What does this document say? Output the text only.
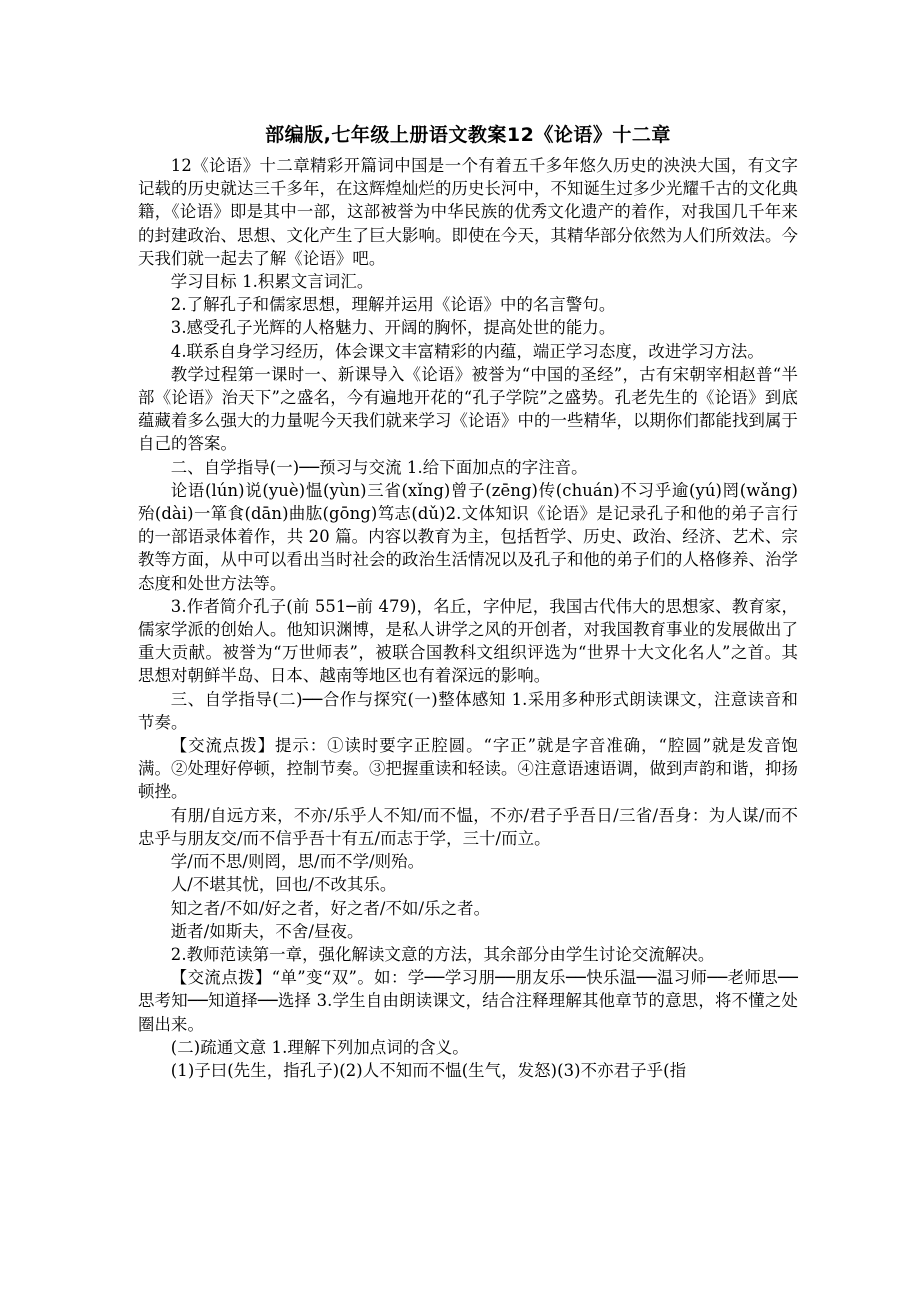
部编版,七年级上册语文教案12《论语》十二章

12《论语》十二章精彩开篇词中国是一个有着五千多年悠久历史的泱泱大国，有文字记载的历史就达三千多年，在这辉煌灿烂的历史长河中，不知诞生过多少光耀千古的文化典籍，《论语》即是其中一部，这部被誉为中华民族的优秀文化遗产的着作，对我国几千年来的封建政治、思想、文化产生了巨大影响。即使在今天，其精华部分依然为人们所效法。今天我们就一起去了解《论语》吧。

学习目标 1.积累文言词汇。

2.了解孔子和儒家思想，理解并运用《论语》中的名言警句。

3.感受孔子光辉的人格魅力、开阔的胸怀，提高处世的能力。

4.联系自身学习经历，体会课文丰富精彩的内蕴，端正学习态度，改进学习方法。

教学过程第一课时一、新课导入《论语》被誉为“中国的圣经”，古有宋朝宰相赵普“半部《论语》治天下”之盛名，今有遍地开花的“孔子学院”之盛势。孔老先生的《论语》到底蕴藏着多么强大的力量呢今天我们就来学习《论语》中的一些精华，以期你们都能找到属于自己的答案。

二、自学指导(一)──预习与交流 1.给下面加点的字注音。

论语(lún)说(yuè)愠(yùn)三省(xǐng)曾子(zēng)传(chuán)不习乎逾(yú)罔(wǎng)殆(dài)一箪食(dān)曲肱(gōng)笃志(dǔ)2.文体知识《论语》是记录孔子和他的弟子言行的一部语录体着作，共 20 篇。内容以教育为主，包括哲学、历史、政治、经济、艺术、宗教等方面，从中可以看出当时社会的政治生活情况以及孔子和他的弟子们的人格修养、治学态度和处世方法等。

3.作者简介孔子(前 551─前 479)，名丘，字仲尼，我国古代伟大的思想家、教育家，儒家学派的创始人。他知识渊博，是私人讲学之风的开创者，对我国教育事业的发展做出了重大贡献。被誉为“万世师表”，被联合国教科文组织评选为“世界十大文化名人”之首。其思想对朝鲜半岛、日本、越南等地区也有着深远的影响。

三、自学指导(二)──合作与探究(一)整体感知 1.采用多种形式朗读课文，注意读音和节奏。

【交流点拨】提示：①读时要字正腔圆。“字正”就是字音准确，“腔圆”就是发音饱满。②处理好停顿，控制节奏。③把握重读和轻读。④注意语速语调，做到声韵和谐，抑扬顿挫。

有朋/自远方来，不亦/乐乎人不知/而不愠，不亦/君子乎吾日/三省/吾身：为人谋/而不忠乎与朋友交/而不信乎吾十有五/而志于学，三十/而立。

学/而不思/则罔，思/而不学/则殆。

人/不堪其忧，回也/不改其乐。

知之者/不如/好之者，好之者/不如/乐之者。

逝者/如斯夫，不舍/昼夜。

2.教师范读第一章，强化解读文意的方法，其余部分由学生讨论交流解决。

【交流点拨】“单”变“双”。如：学──学习朋──朋友乐──快乐温──温习师──老师思──思考知──知道择──选择 3.学生自由朗读课文，结合注释理解其他章节的意思，将不懂之处圈出来。

(二)疏通文意 1.理解下列加点词的含义。

(1)子曰(先生，指孔子)(2)人不知而不愠(生气，发怒)(3)不亦君子乎(指
